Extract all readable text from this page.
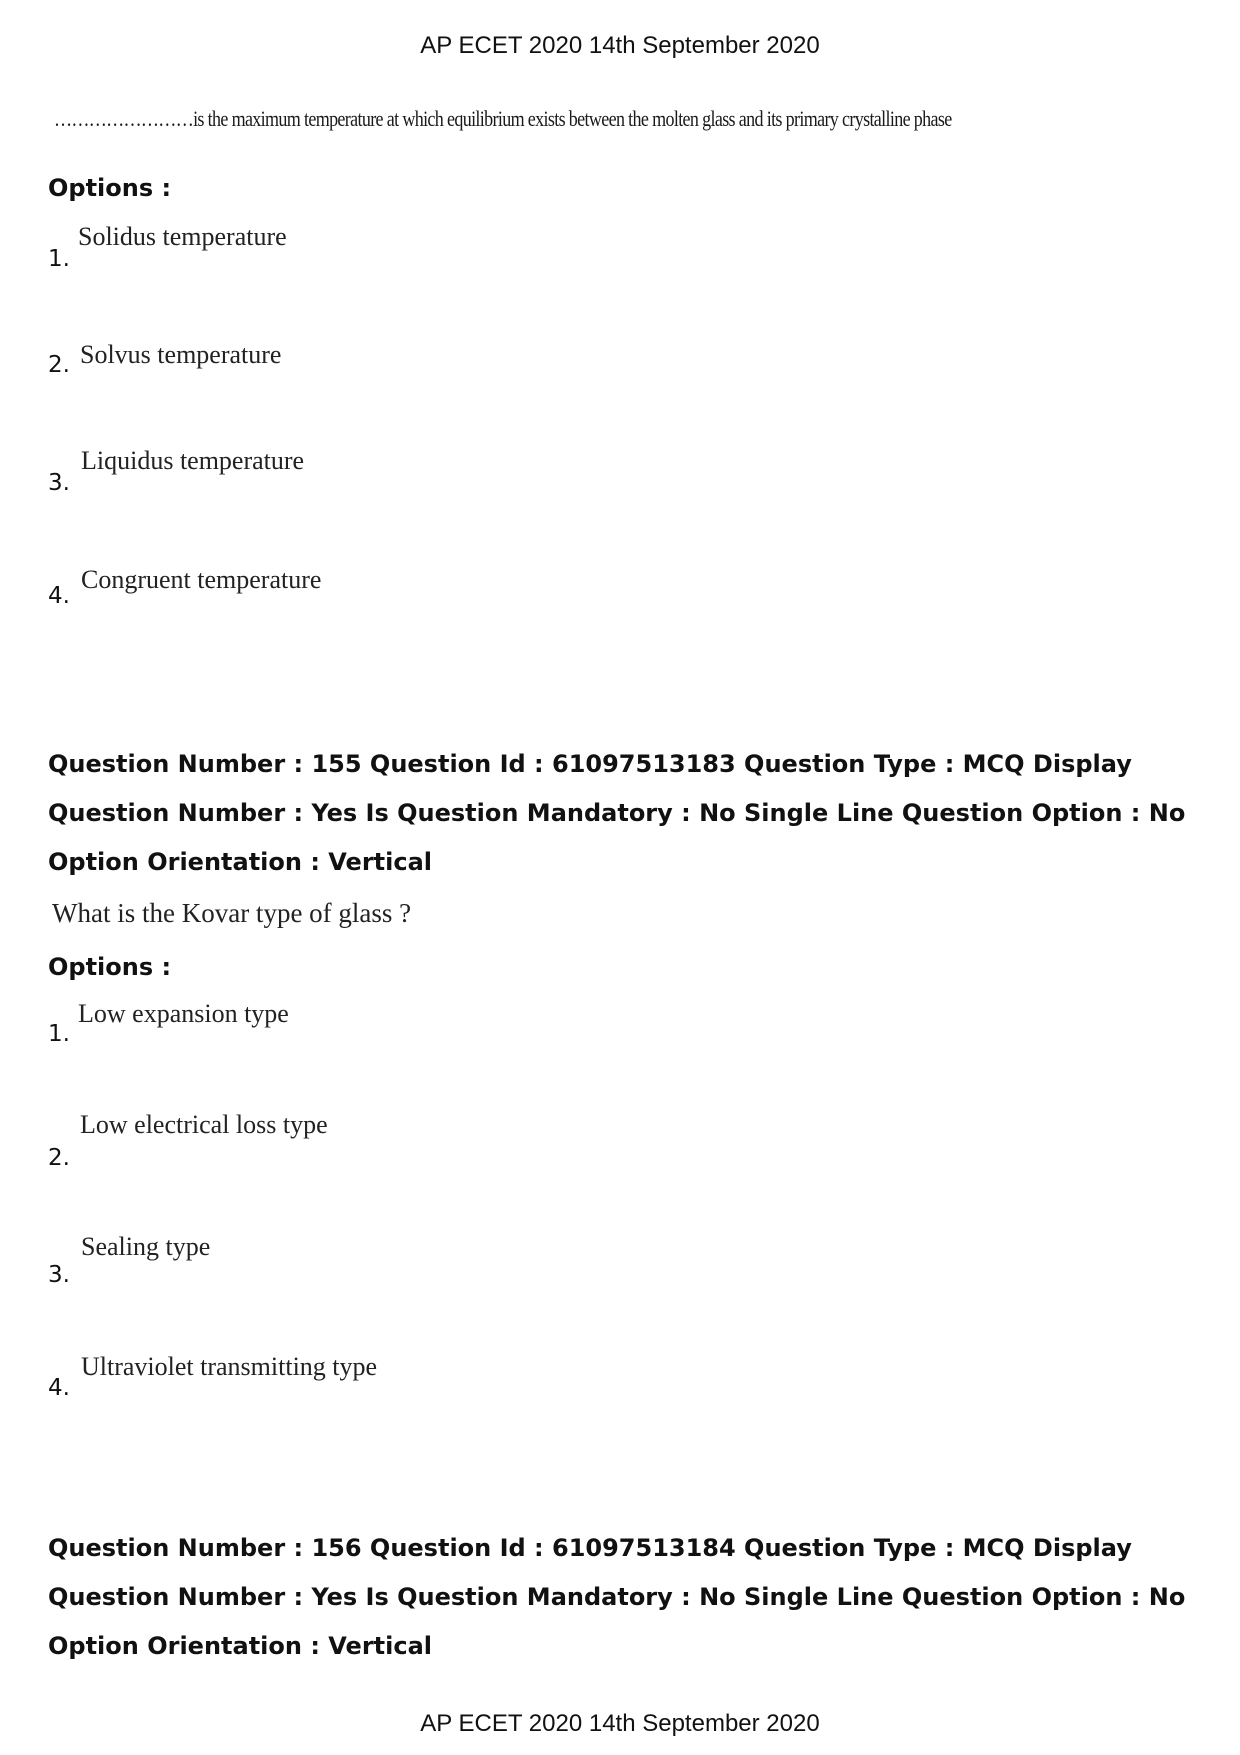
AP ECET 2020 14th September 2020
……………………is the maximum temperature at which equilibrium exists between the molten glass and its primary crystalline phase
Options :
1.
Solidus temperature
2. Solvus temperature
3.
Liquidus temperature
4.
Congruent temperature
Question Number : 155 Question Id : 61097513183 Question Type : MCQ Display Question Number : Yes Is Question Mandatory : No Single Line Question Option : No Option Orientation : Vertical
What is the Kovar type of glass ?
Options :
1.
Low expansion type
2.
Low electrical loss type
3.
Sealing type
4.
Ultraviolet transmitting type
Question Number : 156 Question Id : 61097513184 Question Type : MCQ Display Question Number : Yes Is Question Mandatory : No Single Line Question Option : No Option Orientation : Vertical
AP ECET 2020 14th September 2020
